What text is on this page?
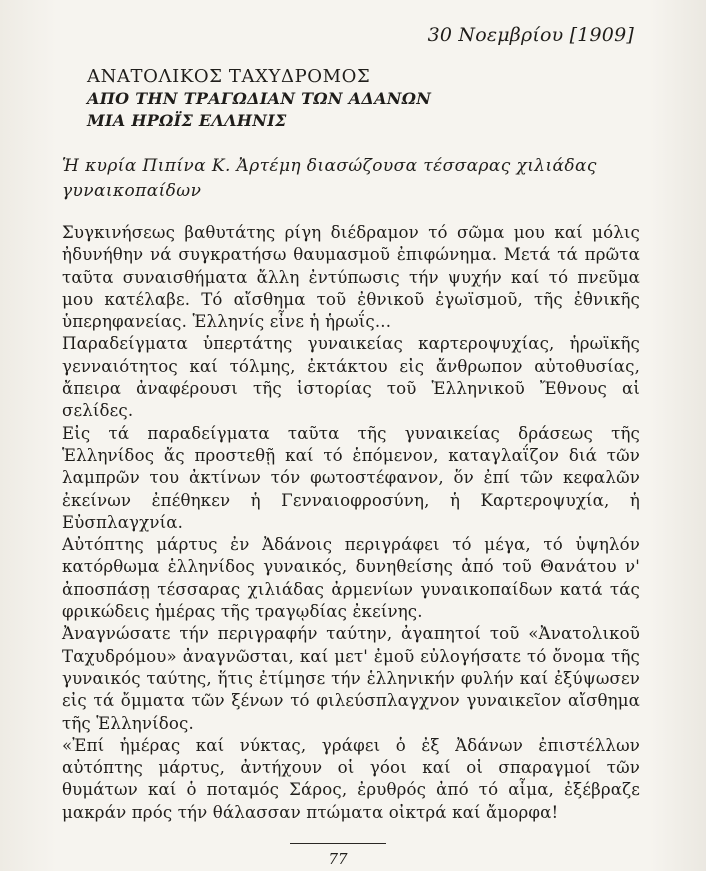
30 Νοεμβρίου [1909]
ΑΝΑΤΟΛΙΚΟΣ ΤΑΧΥΔΡΟΜΟΣ
ΑΠΟ ΤΗΝ ΤΡΑΓΩΔΙΑΝ ΤΩΝ ΑΔΑΝΩΝ
ΜΙΑ ΗΡΩΪΣ ΕΛΛΗΝΙΣ
Ἡ κυρία Πιπίνα Κ. Ἀρτέμη διασώζουσα τέσσαρας χιλιάδας γυναικοπαίδων

Συγκινήσεως βαθυτάτης ρίγη διέδραμον τό σῶμα μου καί μόλις ἠδυνήθην νά συγκρατήσω θαυμασμοῦ ἐπιφώνημα. Μετά τά πρῶτα ταῦτα συναισθήματα ἄλλη ἐντύπωσις τήν ψυχήν καί τό πνεῦμα μου κατέλαβε. Τό αἴσθημα τοῦ ἐθνικοῦ ἐγωϊσμοῦ, τῆς ἐθνικῆς ὑπερηφανείας. Ἑλληνίς εἶνε ἡ ἡρωΐς...

Παραδείγματα ὑπερτάτης γυναικείας καρτεροψυχίας, ἡρωϊκῆς γενναιότητος καί τόλμης, ἐκτάκτου εἰς ἄνθρωπον αὐτοθυσίας, ἄπειρα ἀναφέρουσι τῆς ἱστορίας τοῦ Ἑλληνικοῦ Ἔθνους αἱ σελίδες.

Εἰς τά παραδείγματα ταῦτα τῆς γυναικείας δράσεως τῆς Ἑλληνίδος ἄς προστεθῇ καί τό ἑπόμενον, καταγλαΐζον διά τῶν λαμπρῶν του ἀκτίνων τόν φωτοστέφανον, ὅν ἐπί τῶν κεφαλῶν ἐκείνων ἐπέθηκεν ἡ Γενναιοφροσύνη, ἡ Καρτεροψυχία, ἡ Εὐσπλαγχνία.

Αὐτόπτης μάρτυς ἐν Ἀδάνοις περιγράφει τό μέγα, τό ὑψηλόν κατόρθωμα ἑλληνίδος γυναικός, δυνηθείσης ἀπό τοῦ Θανάτου ν' ἀποσπάσῃ τέσσαρας χιλιάδας ἀρμενίων γυναικοπαίδων κατά τάς φρικώδεις ἡμέρας τῆς τραγῳδίας ἐκείνης.

Ἀναγνώσατε τήν περιγραφήν ταύτην, ἀγαπητοί τοῦ «Ἀνατολικοῦ Ταχυδρόμου» ἀναγνῶσται, καί μετ' ἐμοῦ εὐλογήσατε τό ὄνομα τῆς γυναικός ταύτης, ἥτις ἐτίμησε τήν ἑλληνικήν φυλήν καί ἐξύψωσεν εἰς τά ὄμματα τῶν ξένων τό φιλεύσπλαγχνον γυναικεῖον αἴσθημα τῆς Ἑλληνίδος.

«Ἐπί ἡμέρας καί νύκτας, γράφει ὁ ἐξ Ἀδάνων ἐπιστέλλων αὐτόπτης μάρτυς, ἀντήχουν οἱ γόοι καί οἱ σπαραγμοί τῶν θυμάτων καί ὁ ποταμός Σάρος, ἐρυθρός ἀπό τό αἷμα, ἐξέβραζε μακράν πρός τήν θάλασσαν πτώματα οἰκτρά καί ἄμορφα!

77
